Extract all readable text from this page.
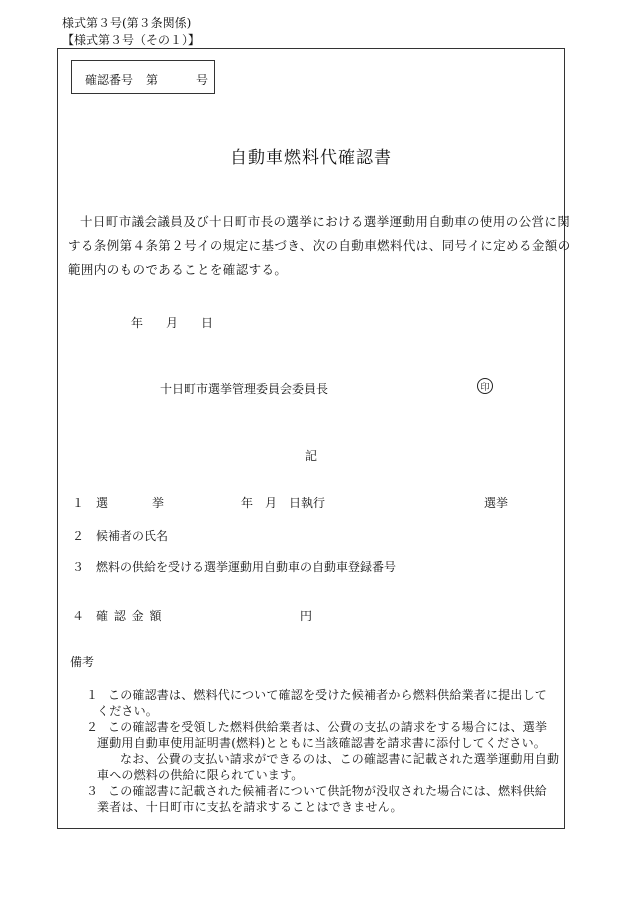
様式第３号(第３条関係)
【様式第３号（その１）】
確認番号 第	号
自動車燃料代確認書
十日町市議会議員及び十日町市長の選挙における選挙運動用自動車の使用の公営に関
する条例第４条第２号イの規定に基づき、次の自動車燃料代は、同号イに定める金額の
範囲内のものであることを確認する。
年 月 日
十日町市選挙管理委員会委員長	印
記
１ 選　　　挙	年　月　日執行	選挙
２ 候補者の氏名
３ 燃料の供給を受ける選挙運動用自動車の自動車登録番号
４ 確 認 金 額	円
備考
１ この確認書は、燃料代について確認を受けた候補者から燃料供給業者に提出して
ください。
２ この確認書を受領した燃料供給業者は、公費の支払の請求をする場合には、選挙
運動用自動車使用証明書(燃料)とともに当該確認書を請求書に添付してください。
なお、公費の支払い請求ができるのは、この確認書に記載された選挙運動用自動
車への燃料の供給に限られています。
３ この確認書に記載された候補者について供託物が没収された場合には、燃料供給
業者は、十日町市に支払を請求することはできません。
